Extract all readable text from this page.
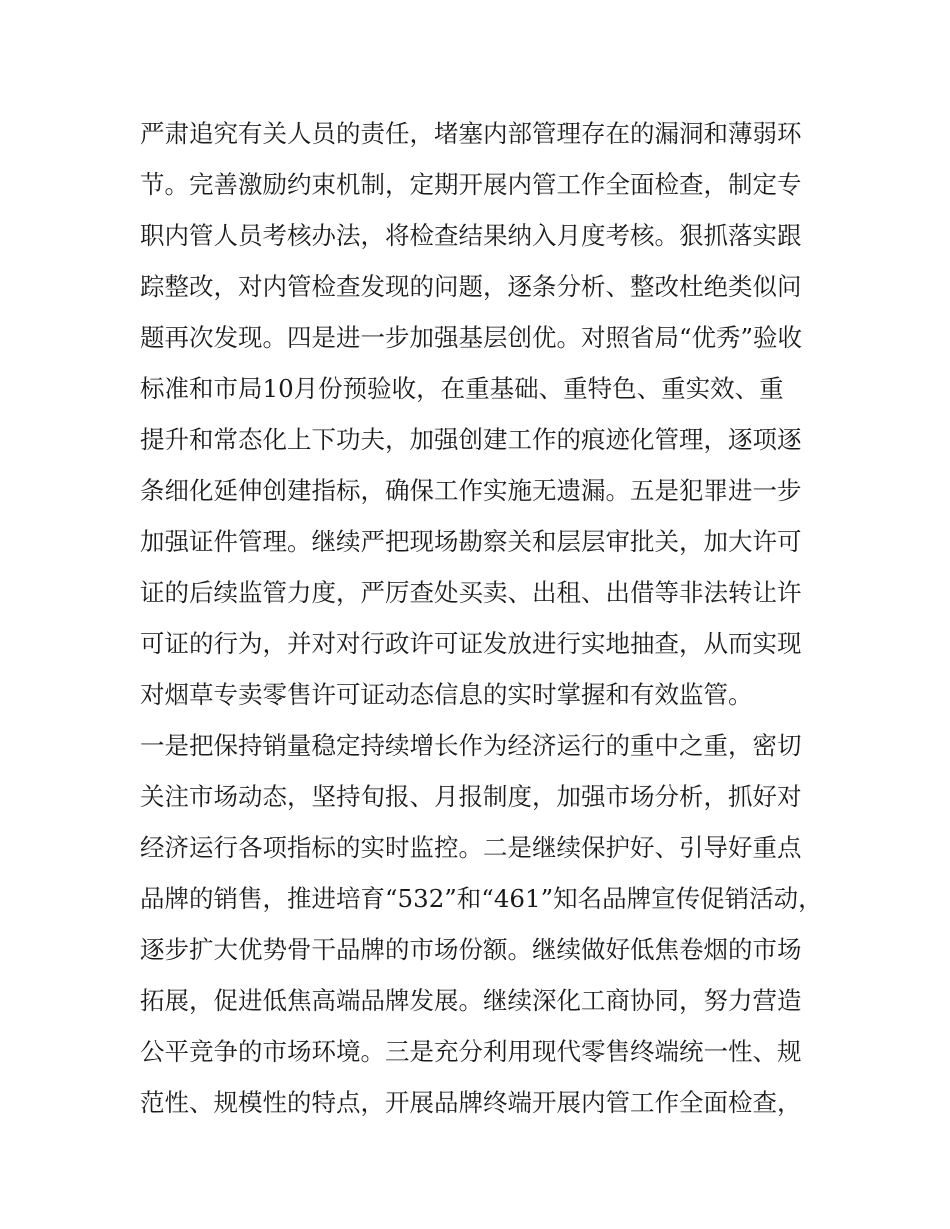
严肃追究有关人员的责任，堵塞内部管理存在的漏洞和薄弱环
节。完善激励约束机制，定期开展内管工作全面检查，制定专
职内管人员考核办法，将检查结果纳入月度考核。狠抓落实跟
踪整改，对内管检查发现的问题，逐条分析、整改杜绝类似问
题再次发现。四是进一步加强基层创优。对照省局“优秀”验收
标准和市局10月份预验收，在重基础、重特色、重实效、重
提升和常态化上下功夫，加强创建工作的痕迹化管理，逐项逐
条细化延伸创建指标，确保工作实施无遗漏。五是犯罪进一步
加强证件管理。继续严把现场勘察关和层层审批关，加大许可
证的后续监管力度，严厉查处买卖、出租、出借等非法转让许
可证的行为，并对对行政许可证发放进行实地抽查，从而实现
对烟草专卖零售许可证动态信息的实时掌握和有效监管。
一是把保持销量稳定持续增长作为经济运行的重中之重，密切
关注市场动态，坚持旬报、月报制度，加强市场分析，抓好对
经济运行各项指标的实时监控。二是继续保护好、引导好重点
品牌的销售，推进培育“532”和“461”知名品牌宣传促销活动，
逐步扩大优势骨干品牌的市场份额。继续做好低焦卷烟的市场
拓展，促进低焦高端品牌发展。继续深化工商协同，努力营造
公平竞争的市场环境。三是充分利用现代零售终端统一性、规
范性、规模性的特点，开展品牌终端开展内管工作全面检查，
